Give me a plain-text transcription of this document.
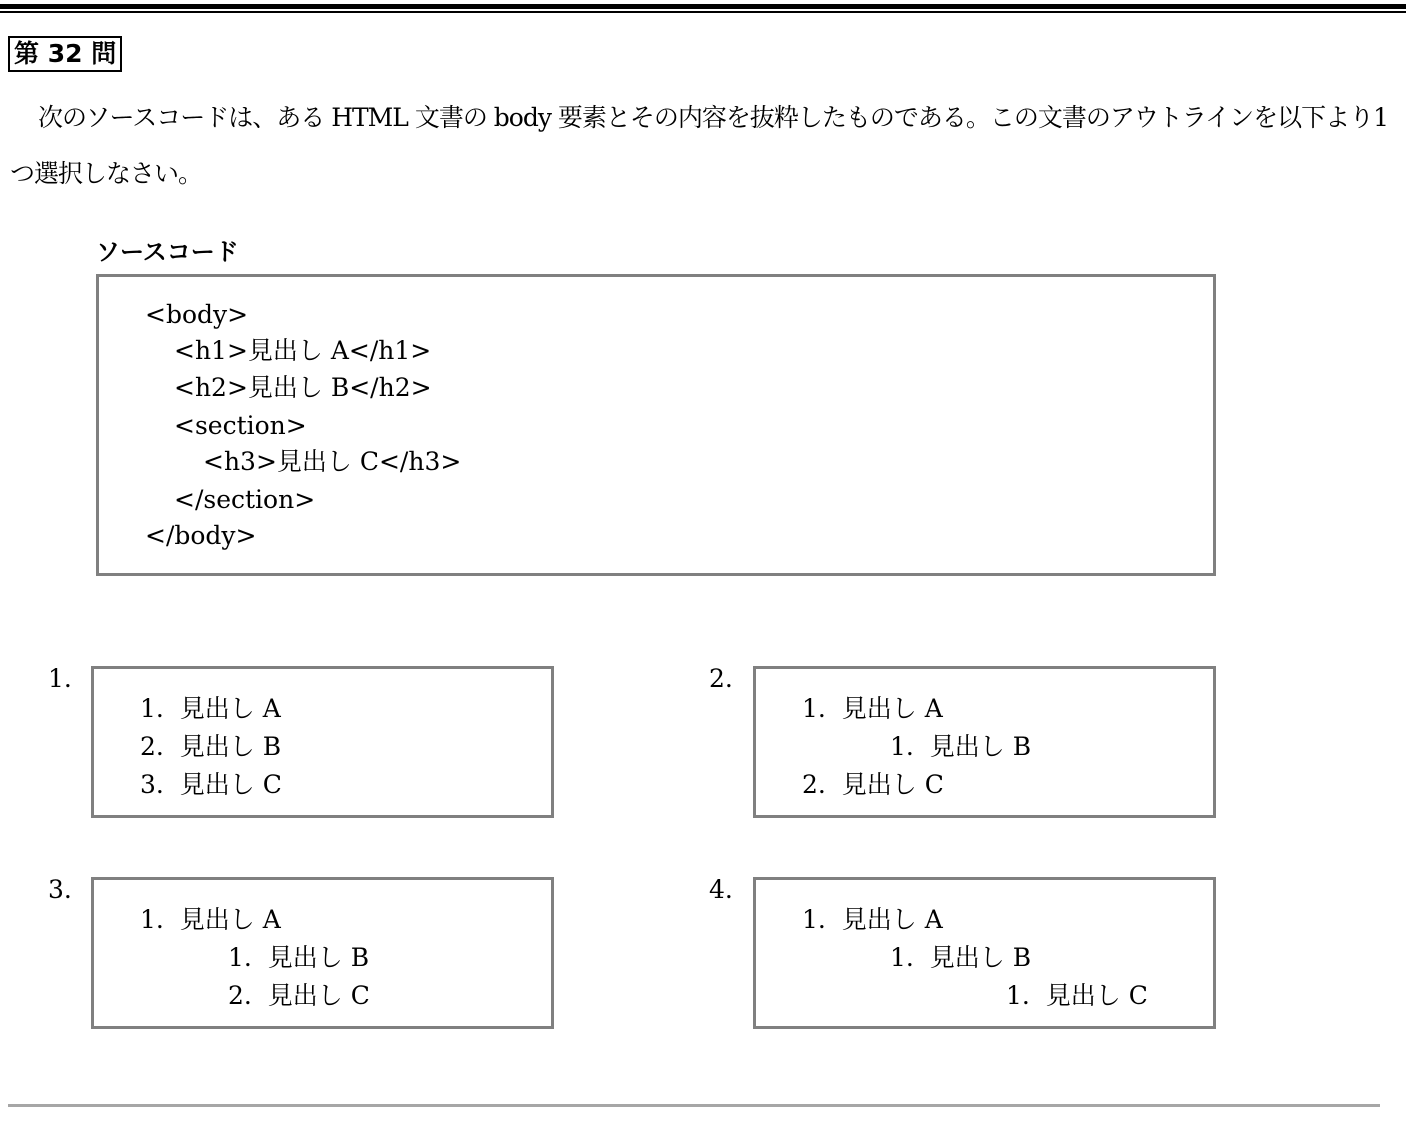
第 32 問
次のソースコードは、ある HTML 文書の body 要素とその内容を抜粋したものである。この文書のアウトラインを以下より1つ選択しなさい。
ソースコード
<body>
<h1>見出し A</h1>
<h2>見出し B</h2>
<section>
<h3>見出し C</h3>
</section>
</body>
1.
1. 見出し A
2. 見出し B
3. 見出し C
2.
1. 見出し A
1. 見出し B
2. 見出し C
3.
1. 見出し A
1. 見出し B
2. 見出し C
4.
1. 見出し A
1. 見出し B
1. 見出し C
